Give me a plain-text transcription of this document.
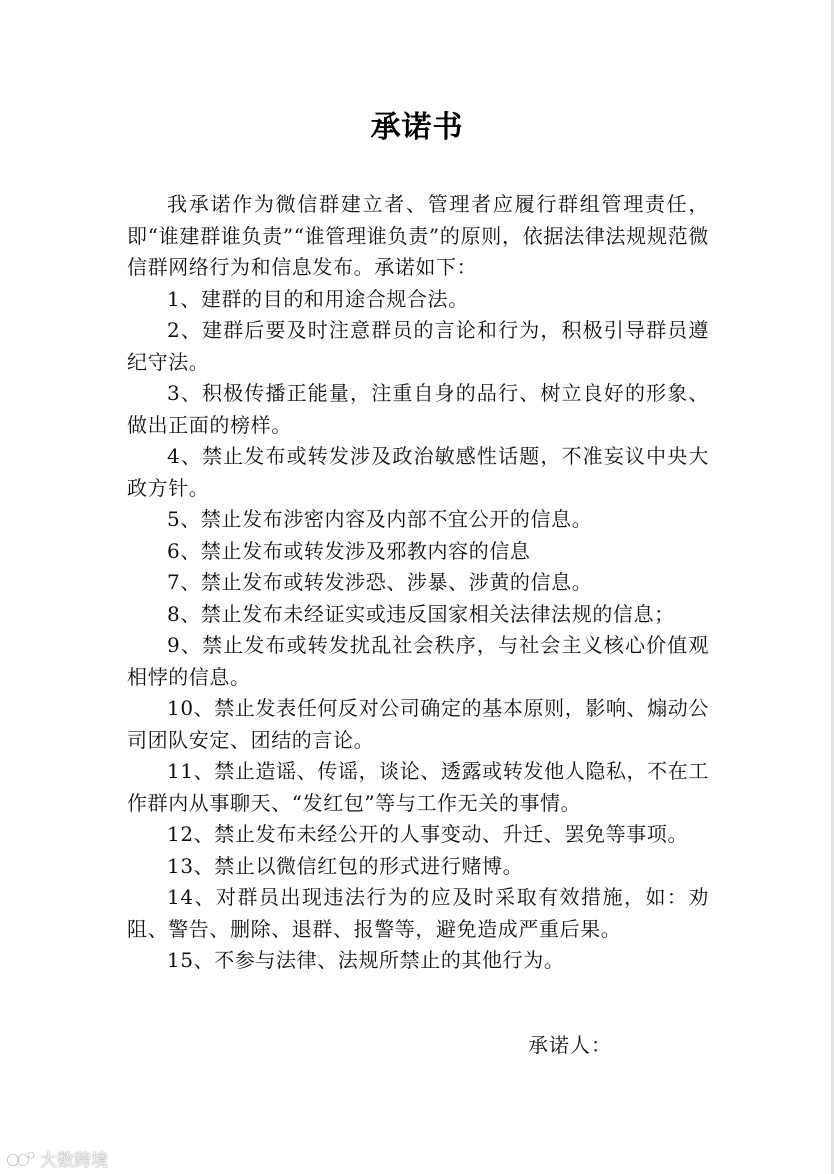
承诺书

我承诺作为微信群建立者、管理者应履行群组管理责任，即“谁建群谁负责”“谁管理谁负责”的原则，依据法律法规规范微信群网络行为和信息发布。承诺如下：

1、建群的目的和用途合规合法。

2、建群后要及时注意群员的言论和行为，积极引导群员遵纪守法。

3、积极传播正能量，注重自身的品行、树立良好的形象、做出正面的榜样。

4、禁止发布或转发涉及政治敏感性话题，不准妄议中央大政方针。

5、禁止发布涉密内容及内部不宜公开的信息。

6、禁止发布或转发涉及邪教内容的信息

7、禁止发布或转发涉恐、涉暴、涉黄的信息。

8、禁止发布未经证实或违反国家相关法律法规的信息；

9、禁止发布或转发扰乱社会秩序，与社会主义核心价值观相悖的信息。

10、禁止发表任何反对公司确定的基本原则，影响、煽动公司团队安定、团结的言论。

11、禁止造谣、传谣，谈论、透露或转发他人隐私，不在工作群内从事聊天、“发红包”等与工作无关的事情。

12、禁止发布未经公开的人事变动、升迁、罢免等事项。

13、禁止以微信红包的形式进行赌博。

14、对群员出现违法行为的应及时采取有效措施，如：劝阻、警告、删除、退群、报警等，避免造成严重后果。

15、不参与法律、法规所禁止的其他行为。

承诺人：
大数跨境
